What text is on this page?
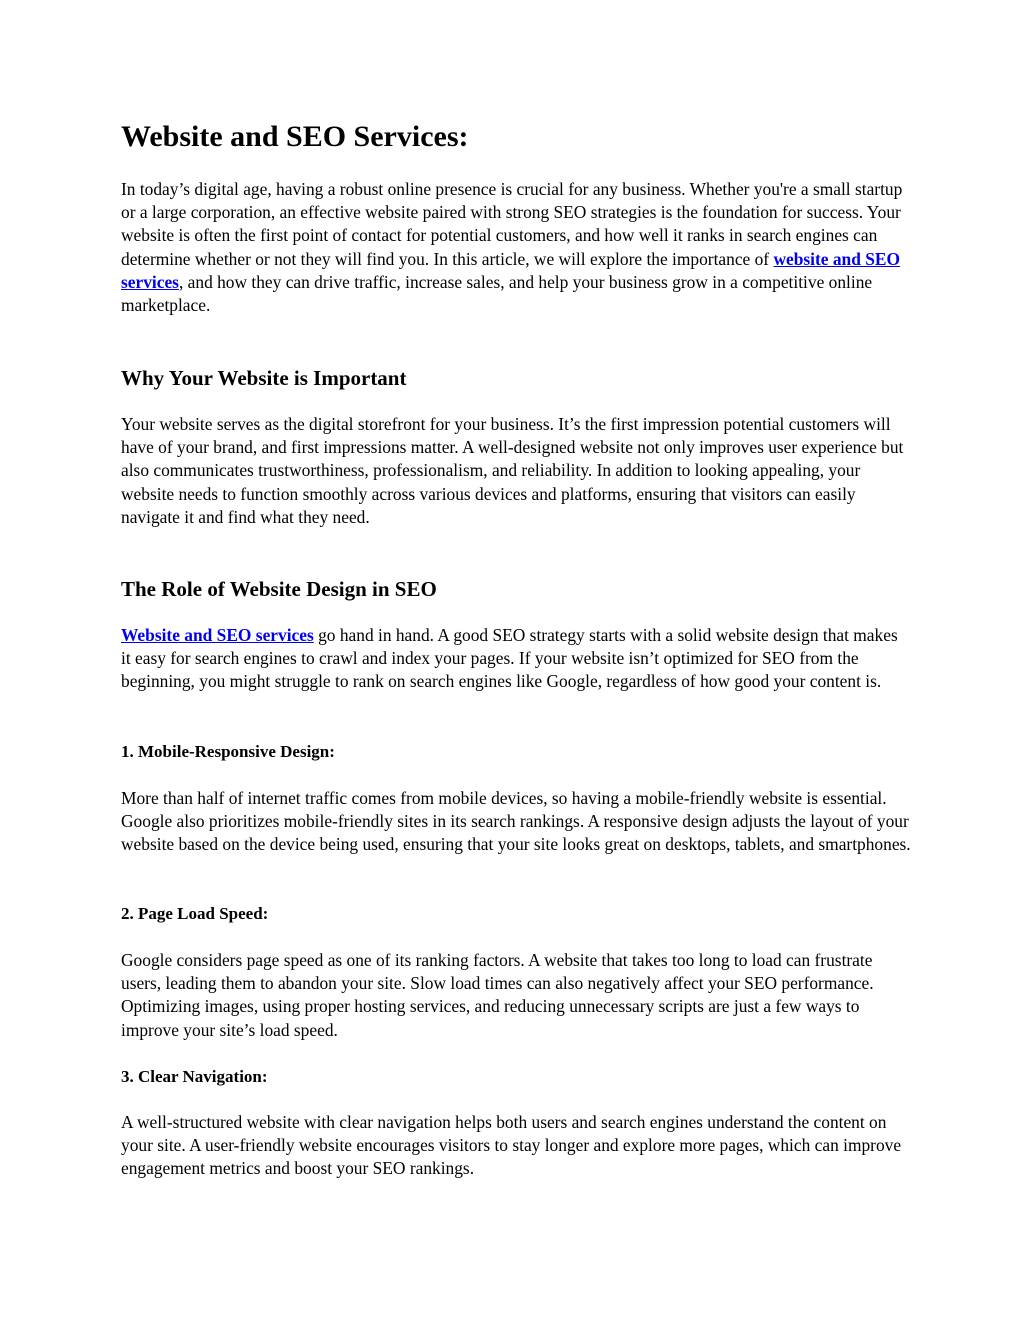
Website and SEO Services:

In today’s digital age, having a robust online presence is crucial for any business. Whether you're a small startup or a large corporation, an effective website paired with strong SEO strategies is the foundation for success. Your website is often the first point of contact for potential customers, and how well it ranks in search engines can determine whether or not they will find you. In this article, we will explore the importance of website and SEO services, and how they can drive traffic, increase sales, and help your business grow in a competitive online marketplace.

Why Your Website is Important

Your website serves as the digital storefront for your business. It’s the first impression potential customers will have of your brand, and first impressions matter. A well-designed website not only improves user experience but also communicates trustworthiness, professionalism, and reliability. In addition to looking appealing, your website needs to function smoothly across various devices and platforms, ensuring that visitors can easily navigate it and find what they need.

The Role of Website Design in SEO

Website and SEO services go hand in hand. A good SEO strategy starts with a solid website design that makes it easy for search engines to crawl and index your pages. If your website isn’t optimized for SEO from the beginning, you might struggle to rank on search engines like Google, regardless of how good your content is.

1. Mobile-Responsive Design:

More than half of internet traffic comes from mobile devices, so having a mobile-friendly website is essential. Google also prioritizes mobile-friendly sites in its search rankings. A responsive design adjusts the layout of your website based on the device being used, ensuring that your site looks great on desktops, tablets, and smartphones.

2. Page Load Speed:

Google considers page speed as one of its ranking factors. A website that takes too long to load can frustrate users, leading them to abandon your site. Slow load times can also negatively affect your SEO performance. Optimizing images, using proper hosting services, and reducing unnecessary scripts are just a few ways to improve your site’s load speed.

3. Clear Navigation:

A well-structured website with clear navigation helps both users and search engines understand the content on your site. A user-friendly website encourages visitors to stay longer and explore more pages, which can improve engagement metrics and boost your SEO rankings.
